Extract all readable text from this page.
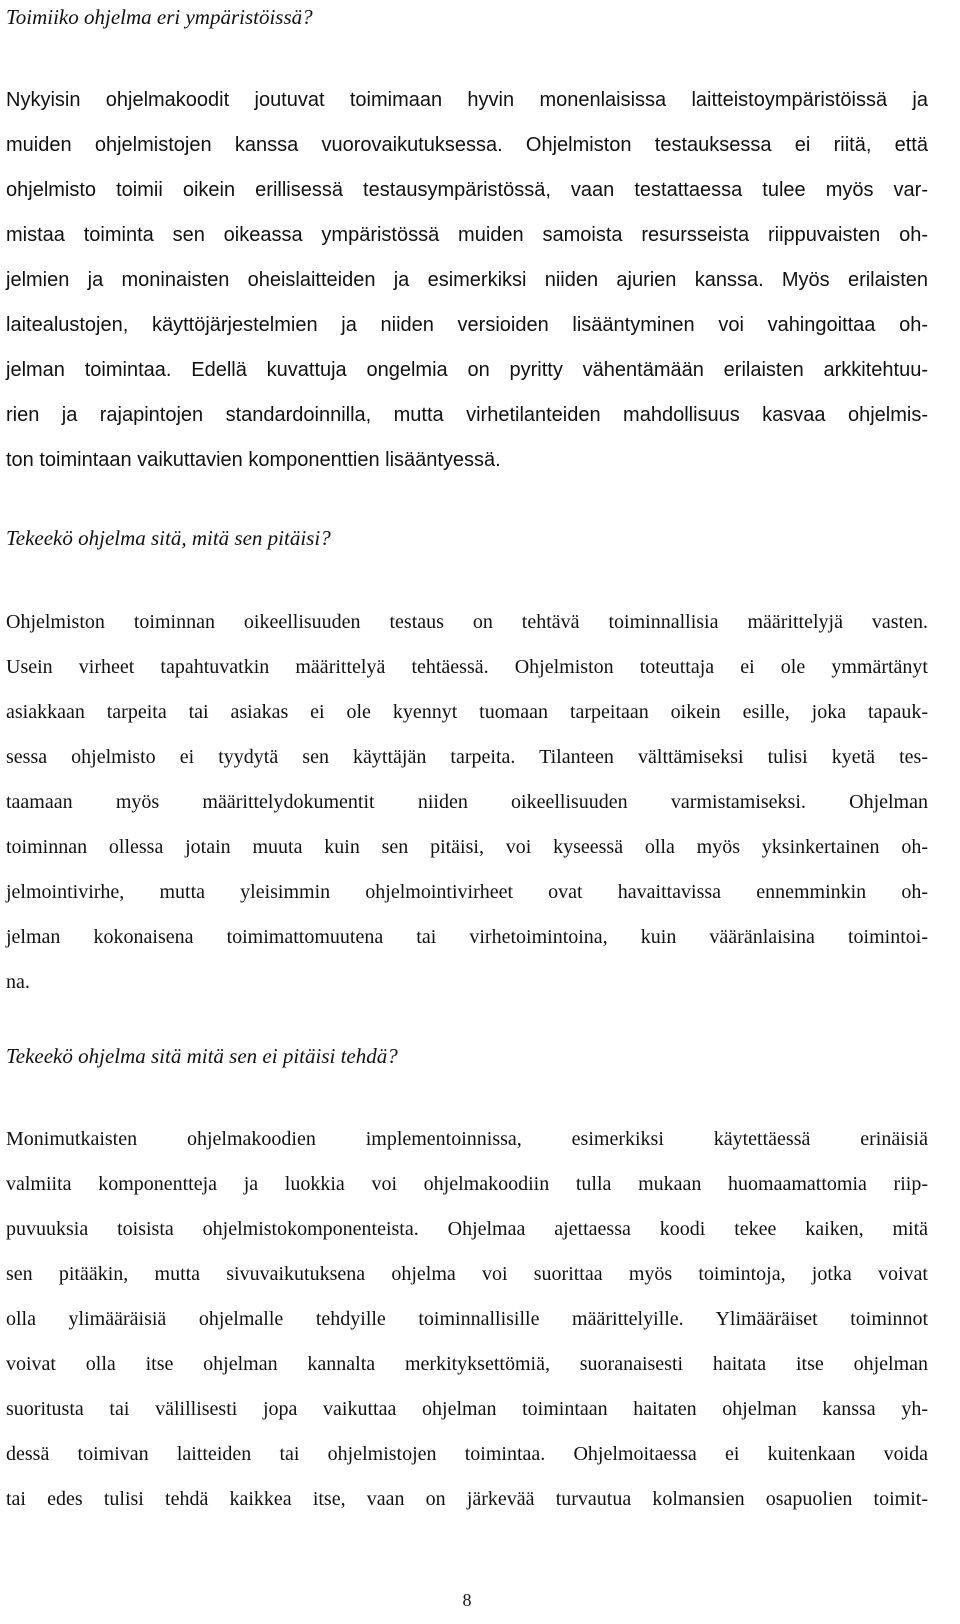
Toimiiko ohjelma eri ympäristöissä?
Nykyisin ohjelmakoodit joutuvat toimimaan hyvin monenlaisissa laitteistoympäristöissä ja
muiden ohjelmistojen kanssa vuorovaikutuksessa. Ohjelmiston testauksessa ei riitä, että
ohjelmisto toimii oikein erillisessä testausympäristössä, vaan testattaessa tulee myös var-
mistaa toiminta sen oikeassa ympäristössä muiden samoista resursseista riippuvaisten oh-
jelmien ja moninaisten oheislaitteiden ja esimerkiksi niiden ajurien kanssa. Myös erilaisten
laitealustojen, käyttöjärjestelmien ja niiden versioiden lisääntyminen voi vahingoittaa oh-
jelman toimintaa. Edellä kuvattuja ongelmia on pyritty vähentämään erilaisten arkkitehtuu-
rien ja rajapintojen standardoinnilla, mutta virhetilanteiden mahdollisuus kasvaa ohjelmis-
ton toimintaan vaikuttavien komponenttien lisääntyessä.
Tekeekö ohjelma sitä, mitä sen pitäisi?
Ohjelmiston toiminnan oikeellisuuden testaus on tehtävä toiminnallisia määrittelyjä vasten.
Usein virheet tapahtuvatkin määrittelyä tehtäessä. Ohjelmiston toteuttaja ei ole ymmärtänyt
asiakkaan tarpeita tai asiakas ei ole kyennyt tuomaan tarpeitaan oikein esille, joka tapauk-
sessa ohjelmisto ei tyydytä sen käyttäjän tarpeita. Tilanteen välttämiseksi tulisi kyetä tes-
taamaan myös määrittelydokumentit niiden oikeellisuuden varmistamiseksi. Ohjelman
toiminnan ollessa jotain muuta kuin sen pitäisi, voi kyseessä olla myös yksinkertainen oh-
jelmointivirhe, mutta yleisimmin ohjelmointivirheet ovat havaittavissa ennemminkin oh-
jelman kokonaisena toimimattomuutena tai virhetoimintoina, kuin vääränlaisina toimintoi-
na.
Tekeekö ohjelma sitä mitä sen ei pitäisi tehdä?
Monimutkaisten ohjelmakoodien implementoinnissa, esimerkiksi käytettäessä erinäisiä
valmiita komponentteja ja luokkia voi ohjelmakoodiin tulla mukaan huomaamattomia riip-
puvuuksia toisista ohjelmistokomponenteista. Ohjelmaa ajettaessa koodi tekee kaiken, mitä
sen pitääkin, mutta sivuvaikutuksena ohjelma voi suorittaa myös toimintoja, jotka voivat
olla ylimääräisiä ohjelmalle tehdyille toiminnallisille määrittelyille. Ylimääräiset toiminnot
voivat olla itse ohjelman kannalta merkityksettömiä, suoranaisesti haitata itse ohjelman
suoritusta tai välillisesti jopa vaikuttaa ohjelman toimintaan haitaten ohjelman kanssa yh-
dessä toimivan laitteiden tai ohjelmistojen toimintaa. Ohjelmoitaessa ei kuitenkaan voida
tai edes tulisi tehdä kaikkea itse, vaan on järkevää turvautua kolmansien osapuolien toimit-
8
